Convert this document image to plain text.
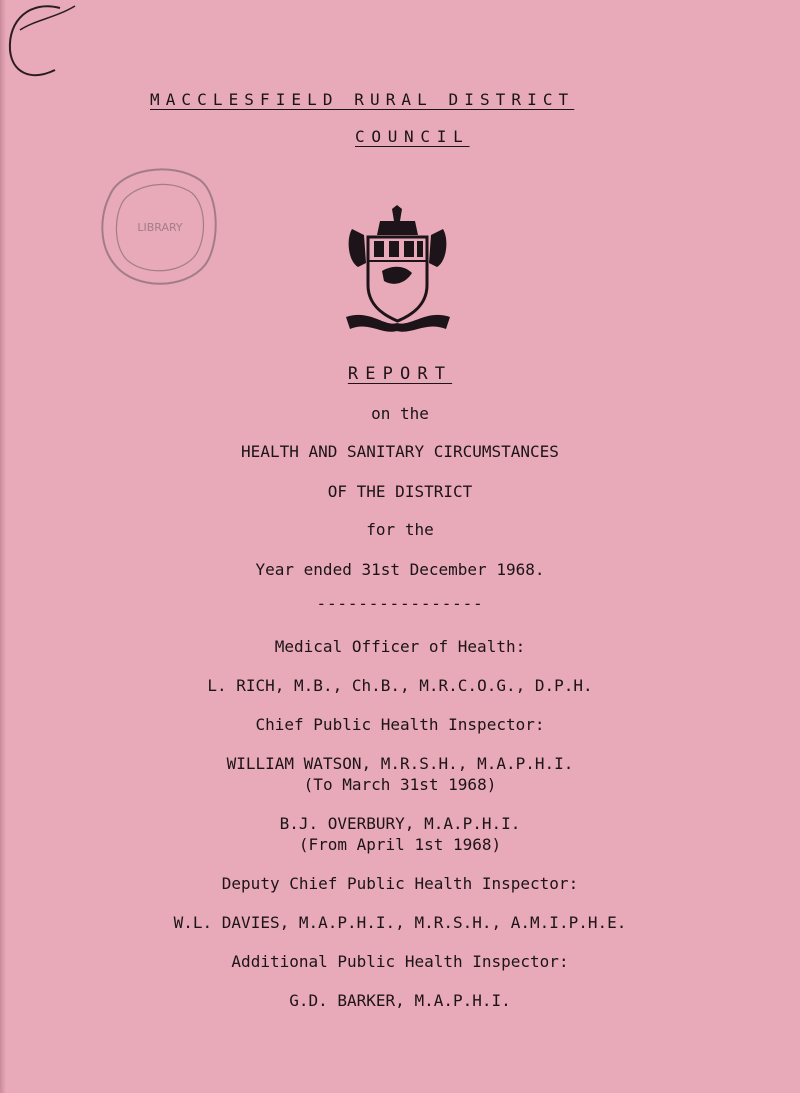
MACCLESFIELD RURAL DISTRICT
COUNCIL
LIBRARY
REPORT
on the
HEALTH AND SANITARY CIRCUMSTANCES
OF THE DISTRICT
for the
Year ended 31st December 1968.
----------------
Medical Officer of Health:
L. RICH, M.B., Ch.B., M.R.C.O.G., D.P.H.
Chief Public Health Inspector:
WILLIAM WATSON, M.R.S.H., M.A.P.H.I.
(To March 31st 1968)
B.J. OVERBURY, M.A.P.H.I.
(From April 1st 1968)
Deputy Chief Public Health Inspector:
W.L. DAVIES, M.A.P.H.I., M.R.S.H., A.M.I.P.H.E.
Additional Public Health Inspector:
G.D. BARKER, M.A.P.H.I.
